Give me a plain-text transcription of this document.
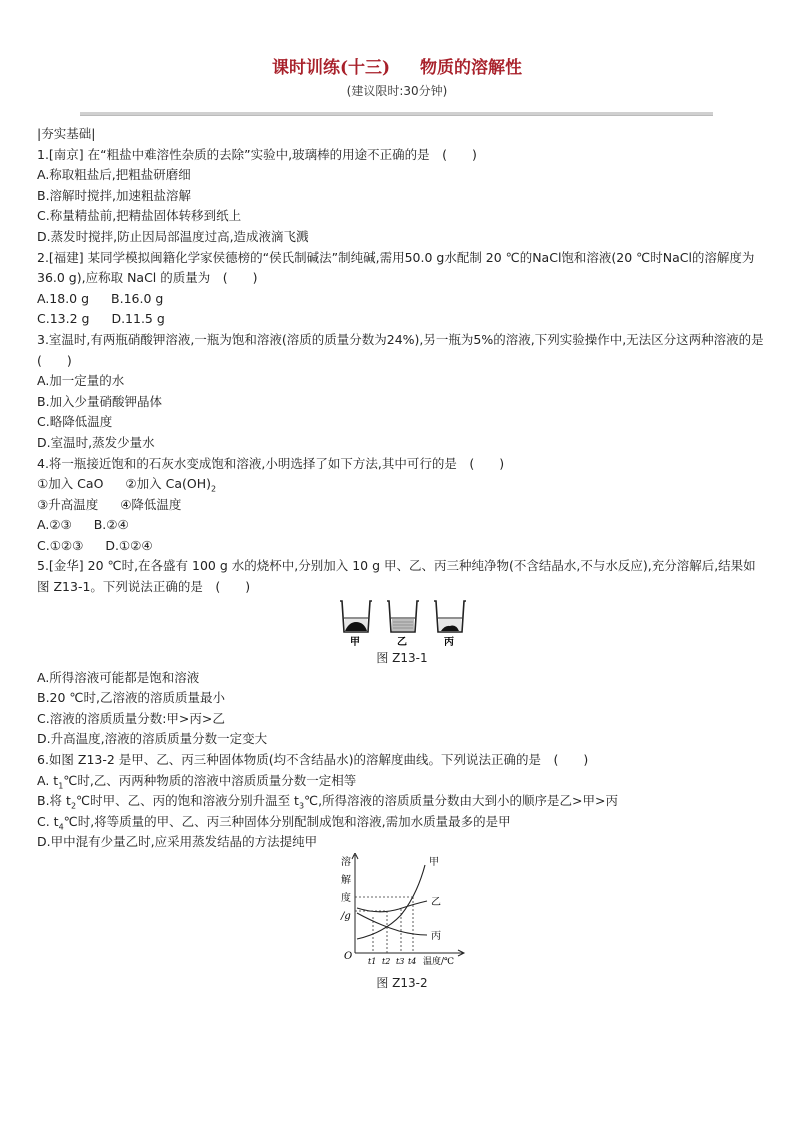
课时训练(十三) 物质的溶解性
(建议限时:30分钟)
|夯实基础|
1.[南京] 在“粗盐中难溶性杂质的去除”实验中,玻璃棒的用途不正确的是　(　　)
A.称取粗盐后,把粗盐研磨细
B.溶解时搅拌,加速粗盐溶解
C.称量精盐前,把精盐固体转移到纸上
D.蒸发时搅拌,防止因局部温度过高,造成液滴飞溅
2.[福建] 某同学模拟闽籍化学家侯德榜的“侯氏制碱法”制纯碱,需用50.0 g水配制 20 ℃的NaCl饱和溶液(20 ℃时NaCl的溶解度为36.0 g),应称取 NaCl 的质量为　(　　)
A.18.0 g B.16.0 g
C.13.2 g D.11.5 g
3.室温时,有两瓶硝酸钾溶液,一瓶为饱和溶液(溶质的质量分数为24%),另一瓶为5%的溶液,下列实验操作中,无法区分这两种溶液的是　(　　)
A.加一定量的水
B.加入少量硝酸钾晶体
C.略降低温度
D.室温时,蒸发少量水
4.将一瓶接近饱和的石灰水变成饱和溶液,小明选择了如下方法,其中可行的是　(　　)
①加入 CaO ②加入 $Ca(OH)_2$
③升高温度 ④降低温度
A.②③ B.②④
C.①②③ D.①②④
5.[金华] 20 ℃时,在各盛有 100 g 水的烧杯中,分别加入 10 g 甲、乙、丙三种纯净物(不含结晶水,不与水反应),充分溶解后,结果如图 Z13-1。下列说法正确的是　(　　)
甲	乙	丙
图 Z13-1
A.所得溶液可能都是饱和溶液
B.20 ℃时,乙溶液的溶质质量最小
C.溶液的溶质质量分数:甲>丙>乙
D.升高温度,溶液的溶质质量分数一定变大
6.如图 Z13-2 是甲、乙、丙三种固体物质(均不含结晶水)的溶解度曲线。下列说法正确的是　(　　)
A. $t_1℃$时,乙、丙两种物质的溶液中溶质质量分数一定相等
B.将 $t_2℃$时甲、乙、丙的饱和溶液分别升温至 $t_3℃$,所得溶液的溶质质量分数由大到小的顺序是乙>甲>丙
C. $t_4℃$时,将等质量的甲、乙、丙三种固体分别配制成饱和溶液,需加水质量最多的是甲
D.甲中混有少量乙时,应采用蒸发结晶的方法提纯甲
溶
解
度
/g
O
甲
乙
丙
t1 t2 t3 t4 温度/℃
图 Z13-2
